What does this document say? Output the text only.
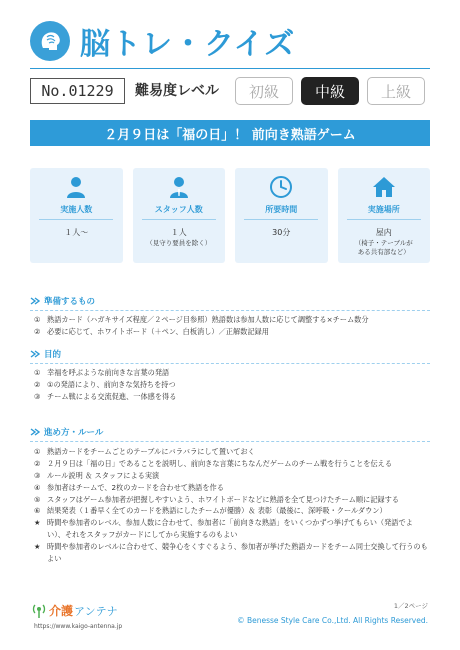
脳トレ・クイズ
No.01229	難易度レベル	初級	中級	上級
２月９日は「福の日」！ 前向き熟語ゲーム
実施人数
１人～
スタッフ人数
１人
（見守り要員を除く）
所要時間
30分
実施場所
屋内
（椅子・テーブルが ある共有部など）
準備するもの
① 熟語カード（ハガキサイズ程度／２ページ目参照）熟語数は参加人数に応じて調整する×チーム数分
② 必要に応じて、ホワイトボード（＋ペン、白板消し）／正解数記録用
目的
① 幸福を呼ぶような前向きな言葉の発語
② ①の発語により、前向きな気持ちを持つ
③ チーム戦による交流促進、一体感を得る
進め方・ルール
① 熟語カードをチームごとのテーブルにバラバラにして置いておく
② ２月９日は「福の日」であることを説明し、前向きな言葉にちなんだゲームのチーム戦を行うことを伝える
③ ルール説明 ＆ スタッフによる実演
④ 参加者はチームで、2枚のカードを合わせて熟語を作る
⑤ スタッフはゲーム参加者が把握しやすいよう、ホワイトボードなどに熟語を全て見つけたチーム順に記録する
⑥ 結果発表（１番早く全てのカードを熟語にしたチームが優勝）＆ 表彰（最後に、深呼吸・クールダウン）
★ 時間や参加者のレベル、参加人数に合わせて、参加者に「前向きな熟語」をいくつかずつ挙げてもらい（発語でよい）、それをスタッフがカードにしてから実施するのもよい
★ 時間や参加者のレベルに合わせて、競争心をくすぐるよう、参加者が挙げた熟語カードをチーム同士交換して行うのもよい
介護 アンテナ
https://www.kaigo-antenna.jp
1／2ページ
© Benesse Style Care Co.,Ltd. All Rights Reserved.
